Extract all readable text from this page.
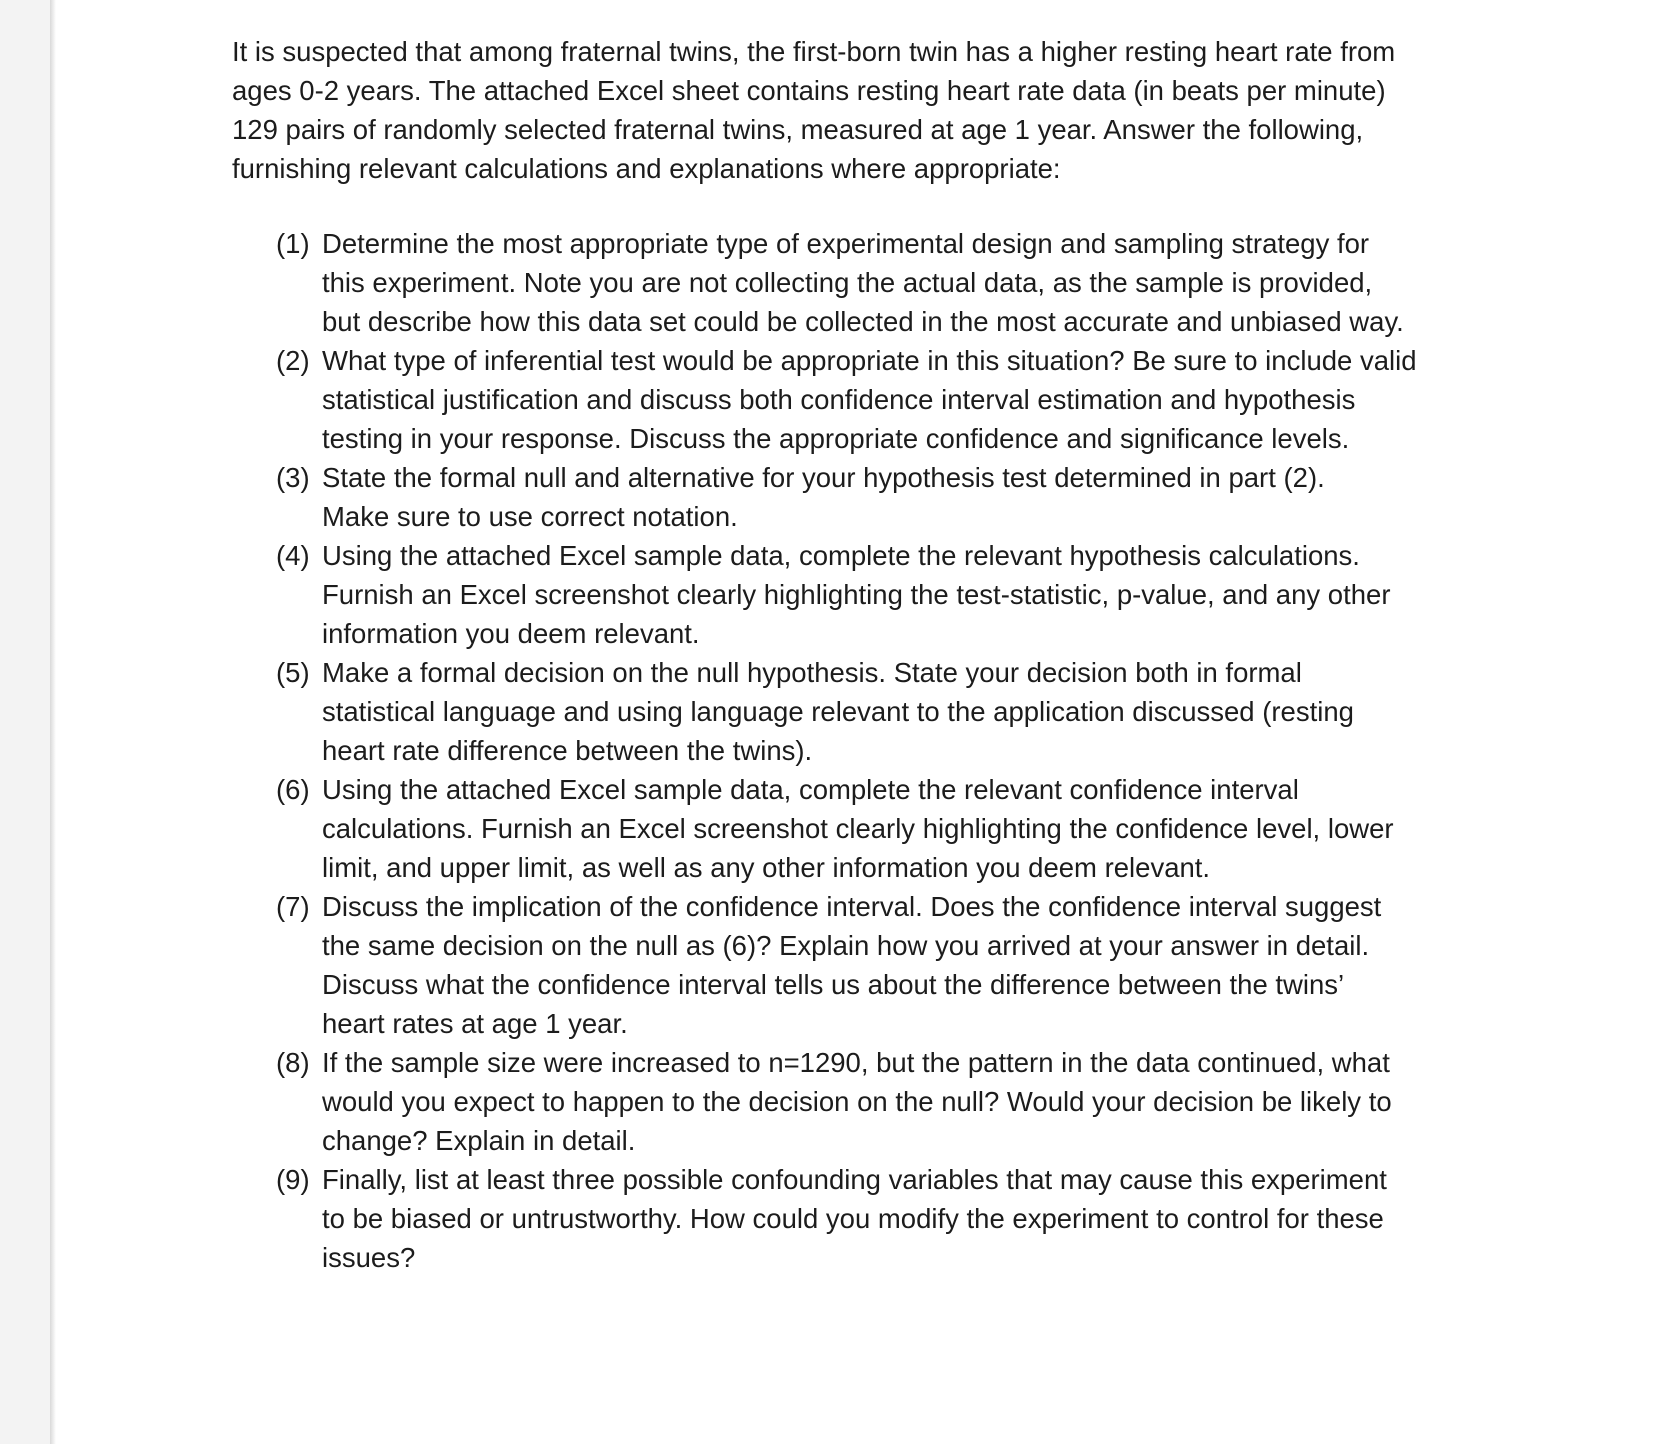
It is suspected that among fraternal twins, the first-born twin has a higher resting heart rate from ages 0-2 years. The attached Excel sheet contains resting heart rate data (in beats per minute) 129 pairs of randomly selected fraternal twins, measured at age 1 year. Answer the following, furnishing relevant calculations and explanations where appropriate:

(1) Determine the most appropriate type of experimental design and sampling strategy for this experiment. Note you are not collecting the actual data, as the sample is provided, but describe how this data set could be collected in the most accurate and unbiased way.
(2) What type of inferential test would be appropriate in this situation? Be sure to include valid statistical justification and discuss both confidence interval estimation and hypothesis testing in your response. Discuss the appropriate confidence and significance levels.
(3) State the formal null and alternative for your hypothesis test determined in part (2). Make sure to use correct notation.
(4) Using the attached Excel sample data, complete the relevant hypothesis calculations. Furnish an Excel screenshot clearly highlighting the test-statistic, p-value, and any other information you deem relevant.
(5) Make a formal decision on the null hypothesis. State your decision both in formal statistical language and using language relevant to the application discussed (resting heart rate difference between the twins).
(6) Using the attached Excel sample data, complete the relevant confidence interval calculations. Furnish an Excel screenshot clearly highlighting the confidence level, lower limit, and upper limit, as well as any other information you deem relevant.
(7) Discuss the implication of the confidence interval. Does the confidence interval suggest the same decision on the null as (6)? Explain how you arrived at your answer in detail. Discuss what the confidence interval tells us about the difference between the twins’ heart rates at age 1 year.
(8) If the sample size were increased to n=1290, but the pattern in the data continued, what would you expect to happen to the decision on the null? Would your decision be likely to change? Explain in detail.
(9) Finally, list at least three possible confounding variables that may cause this experiment to be biased or untrustworthy. How could you modify the experiment to control for these issues?
